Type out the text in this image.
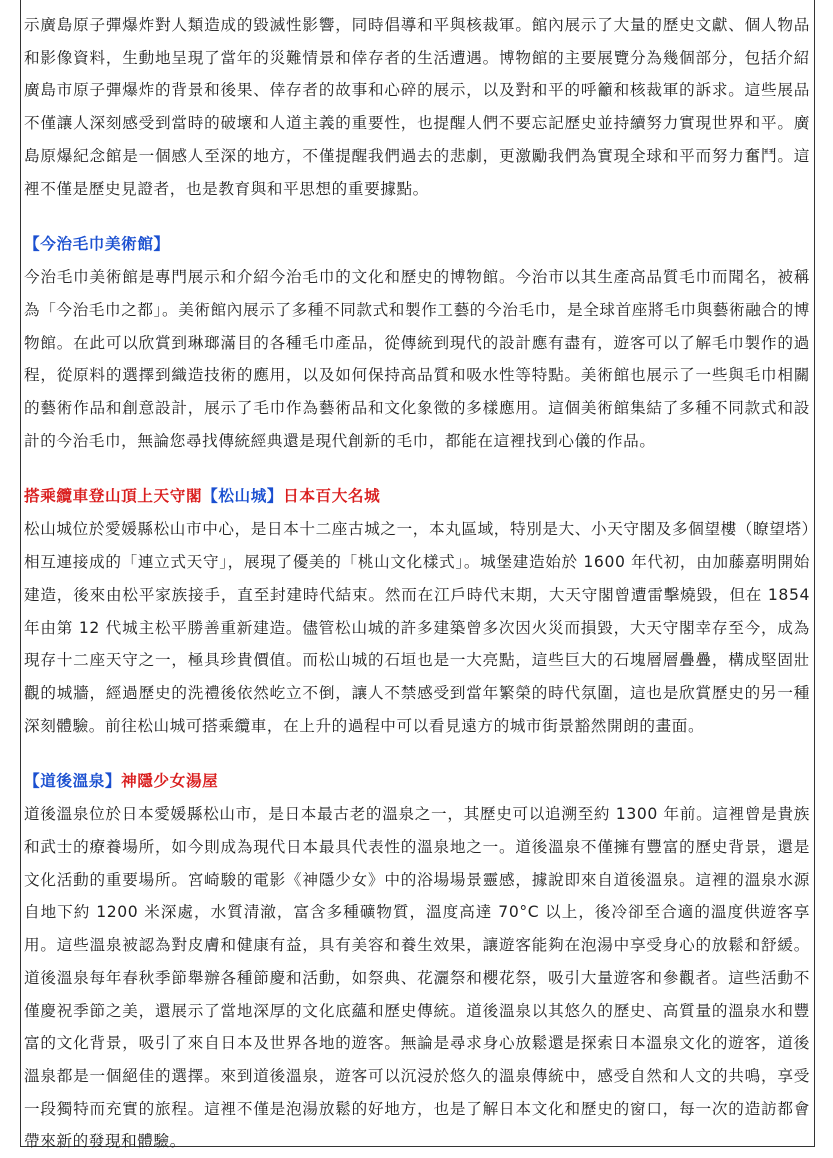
示廣島原子彈爆炸對人類造成的毀滅性影響，同時倡導和平與核裁軍。館內展示了大量的歷史文獻、個人物品和影像資料，生動地呈現了當年的災難情景和倖存者的生活遭遇。博物館的主要展覽分為幾個部分，包括介紹廣島市原子彈爆炸的背景和後果、倖存者的故事和心碎的展示，以及對和平的呼籲和核裁軍的訴求。這些展品不僅讓人深刻感受到當時的破壞和人道主義的重要性，也提醒人們不要忘記歷史並持續努力實現世界和平。廣島原爆紀念館是一個感人至深的地方，不僅提醒我們過去的悲劇，更激勵我們為實現全球和平而努力奮鬥。這裡不僅是歷史見證者，也是教育與和平思想的重要據點。

【今治毛巾美術館】

今治毛巾美術館是專門展示和介紹今治毛巾的文化和歷史的博物館。今治市以其生產高品質毛巾而聞名，被稱為「今治毛巾之都」。美術館內展示了多種不同款式和製作工藝的今治毛巾，是全球首座將毛巾與藝術融合的博物館。在此可以欣賞到琳瑯滿目的各種毛巾產品，從傳統到現代的設計應有盡有，遊客可以了解毛巾製作的過程，從原料的選擇到織造技術的應用，以及如何保持高品質和吸水性等特點。美術館也展示了一些與毛巾相關的藝術作品和創意設計，展示了毛巾作為藝術品和文化象徵的多樣應用。這個美術館集結了多種不同款式和設計的今治毛巾，無論您尋找傳統經典還是現代創新的毛巾，都能在這裡找到心儀的作品。

搭乘纜車登山頂上天守閣【松山城】日本百大名城

松山城位於愛媛縣松山市中心，是日本十二座古城之一，本丸區域，特別是大、小天守閣及多個望樓（瞭望塔）相互連接成的「連立式天守」，展現了優美的「桃山文化樣式」。城堡建造始於 1600 年代初，由加藤嘉明開始建造，後來由松平家族接手，直至封建時代結束。然而在江戶時代末期，大天守閣曾遭雷擊燒毀，但在 1854 年由第 12 代城主松平勝善重新建造。儘管松山城的許多建築曾多次因火災而損毀，大天守閣幸存至今，成為現存十二座天守之一，極具珍貴價值。而松山城的石垣也是一大亮點，這些巨大的石塊層層疊疊，構成堅固壯觀的城牆，經過歷史的洗禮後依然屹立不倒，讓人不禁感受到當年繁榮的時代氛圍，這也是欣賞歷史的另一種深刻體驗。前往松山城可搭乘纜車，在上升的過程中可以看見遠方的城市街景豁然開朗的畫面。

【道後溫泉】神隱少女湯屋

道後溫泉位於日本愛媛縣松山市，是日本最古老的溫泉之一，其歷史可以追溯至約 1300 年前。這裡曾是貴族和武士的療養場所，如今則成為現代日本最具代表性的溫泉地之一。道後溫泉不僅擁有豐富的歷史背景，還是文化活動的重要場所。宮崎駿的電影《神隱少女》中的浴場場景靈感，據說即來自道後溫泉。這裡的溫泉水源自地下約 1200 米深處，水質清澈，富含多種礦物質，溫度高達 70°C 以上，後冷卻至合適的溫度供遊客享用。這些溫泉被認為對皮膚和健康有益，具有美容和養生效果，讓遊客能夠在泡湯中享受身心的放鬆和舒緩。 道後溫泉每年春秋季節舉辦各種節慶和活動，如祭典、花灑祭和櫻花祭，吸引大量遊客和參觀者。這些活動不僅慶祝季節之美，還展示了當地深厚的文化底蘊和歷史傳統。道後溫泉以其悠久的歷史、高質量的溫泉水和豐富的文化背景，吸引了來自日本及世界各地的遊客。無論是尋求身心放鬆還是探索日本溫泉文化的遊客，道後溫泉都是一個絕佳的選擇。來到道後溫泉，遊客可以沉浸於悠久的溫泉傳統中，感受自然和人文的共鳴，享受一段獨特而充實的旅程。這裡不僅是泡湯放鬆的好地方，也是了解日本文化和歷史的窗口，每一次的造訪都會帶來新的發現和體驗。
